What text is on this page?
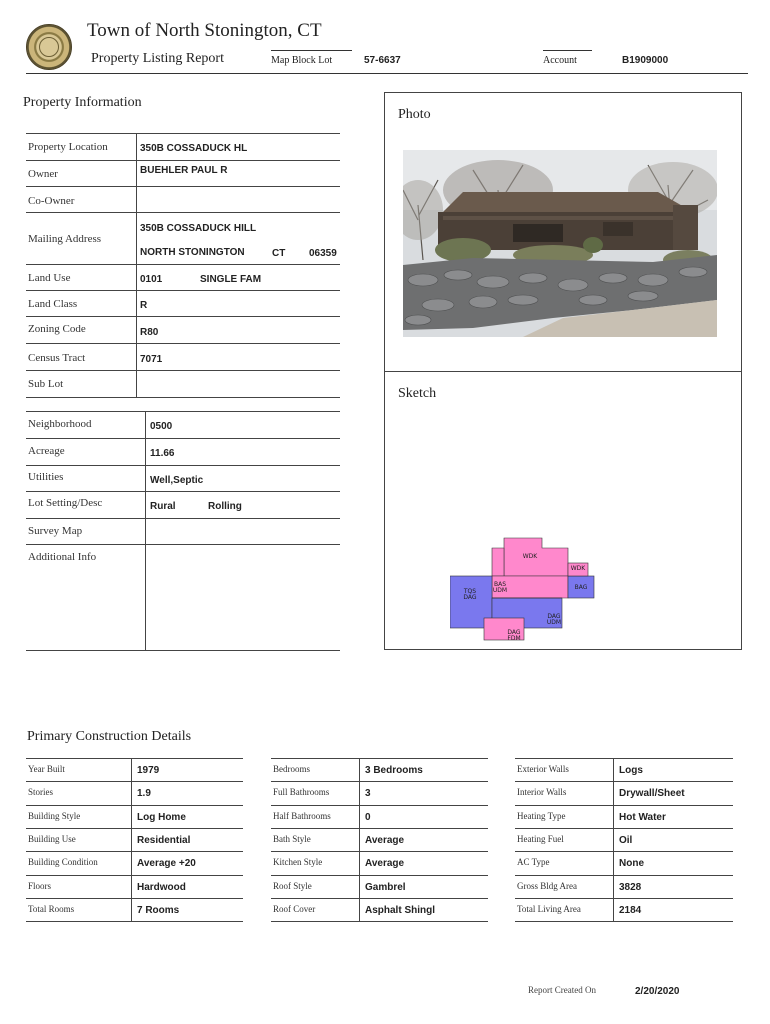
Town of North Stonington, CT
Property Listing Report	Map Block Lot	57-6637	Account	B1909000
Property Information
Property Location	350B COSSADUCK HL
Owner	BUEHLER PAUL R
Co-Owner
Mailing Address
350B COSSADUCK HILL
NORTH STONINGTON	CT 06359
Land Use	0101	SINGLE FAM
Land Class	R
Zoning Code	R80
Census Tract	7071
Sub Lot
Neighborhood	0500
Acreage	11.66
Utilities	Well,Septic
Lot Setting/Desc	Rural	Rolling
Survey Map
Additional Info
Photo
Sketch
WDK
WDK
BAS
UDM
TQS
DAG
BAG
DAG
UDM
DAG
FDM
Primary Construction Details
Year Built	1979
Stories	1.9
Building Style	Log Home
Building Use	Residential
Building Condition	Average +20
Floors	Hardwood
Total Rooms	7 Rooms
Bedrooms	3 Bedrooms
Full Bathrooms	3
Half Bathrooms	0
Bath Style	Average
Kitchen Style	Average
Roof Style	Gambrel
Roof Cover	Asphalt Shingl
Exterior Walls	Logs
Interior Walls	Drywall/Sheet
Heating Type	Hot Water
Heating Fuel	Oil
AC Type	None
Gross Bldg Area	3828
Total Living Area	2184
Report Created On	2/20/2020
